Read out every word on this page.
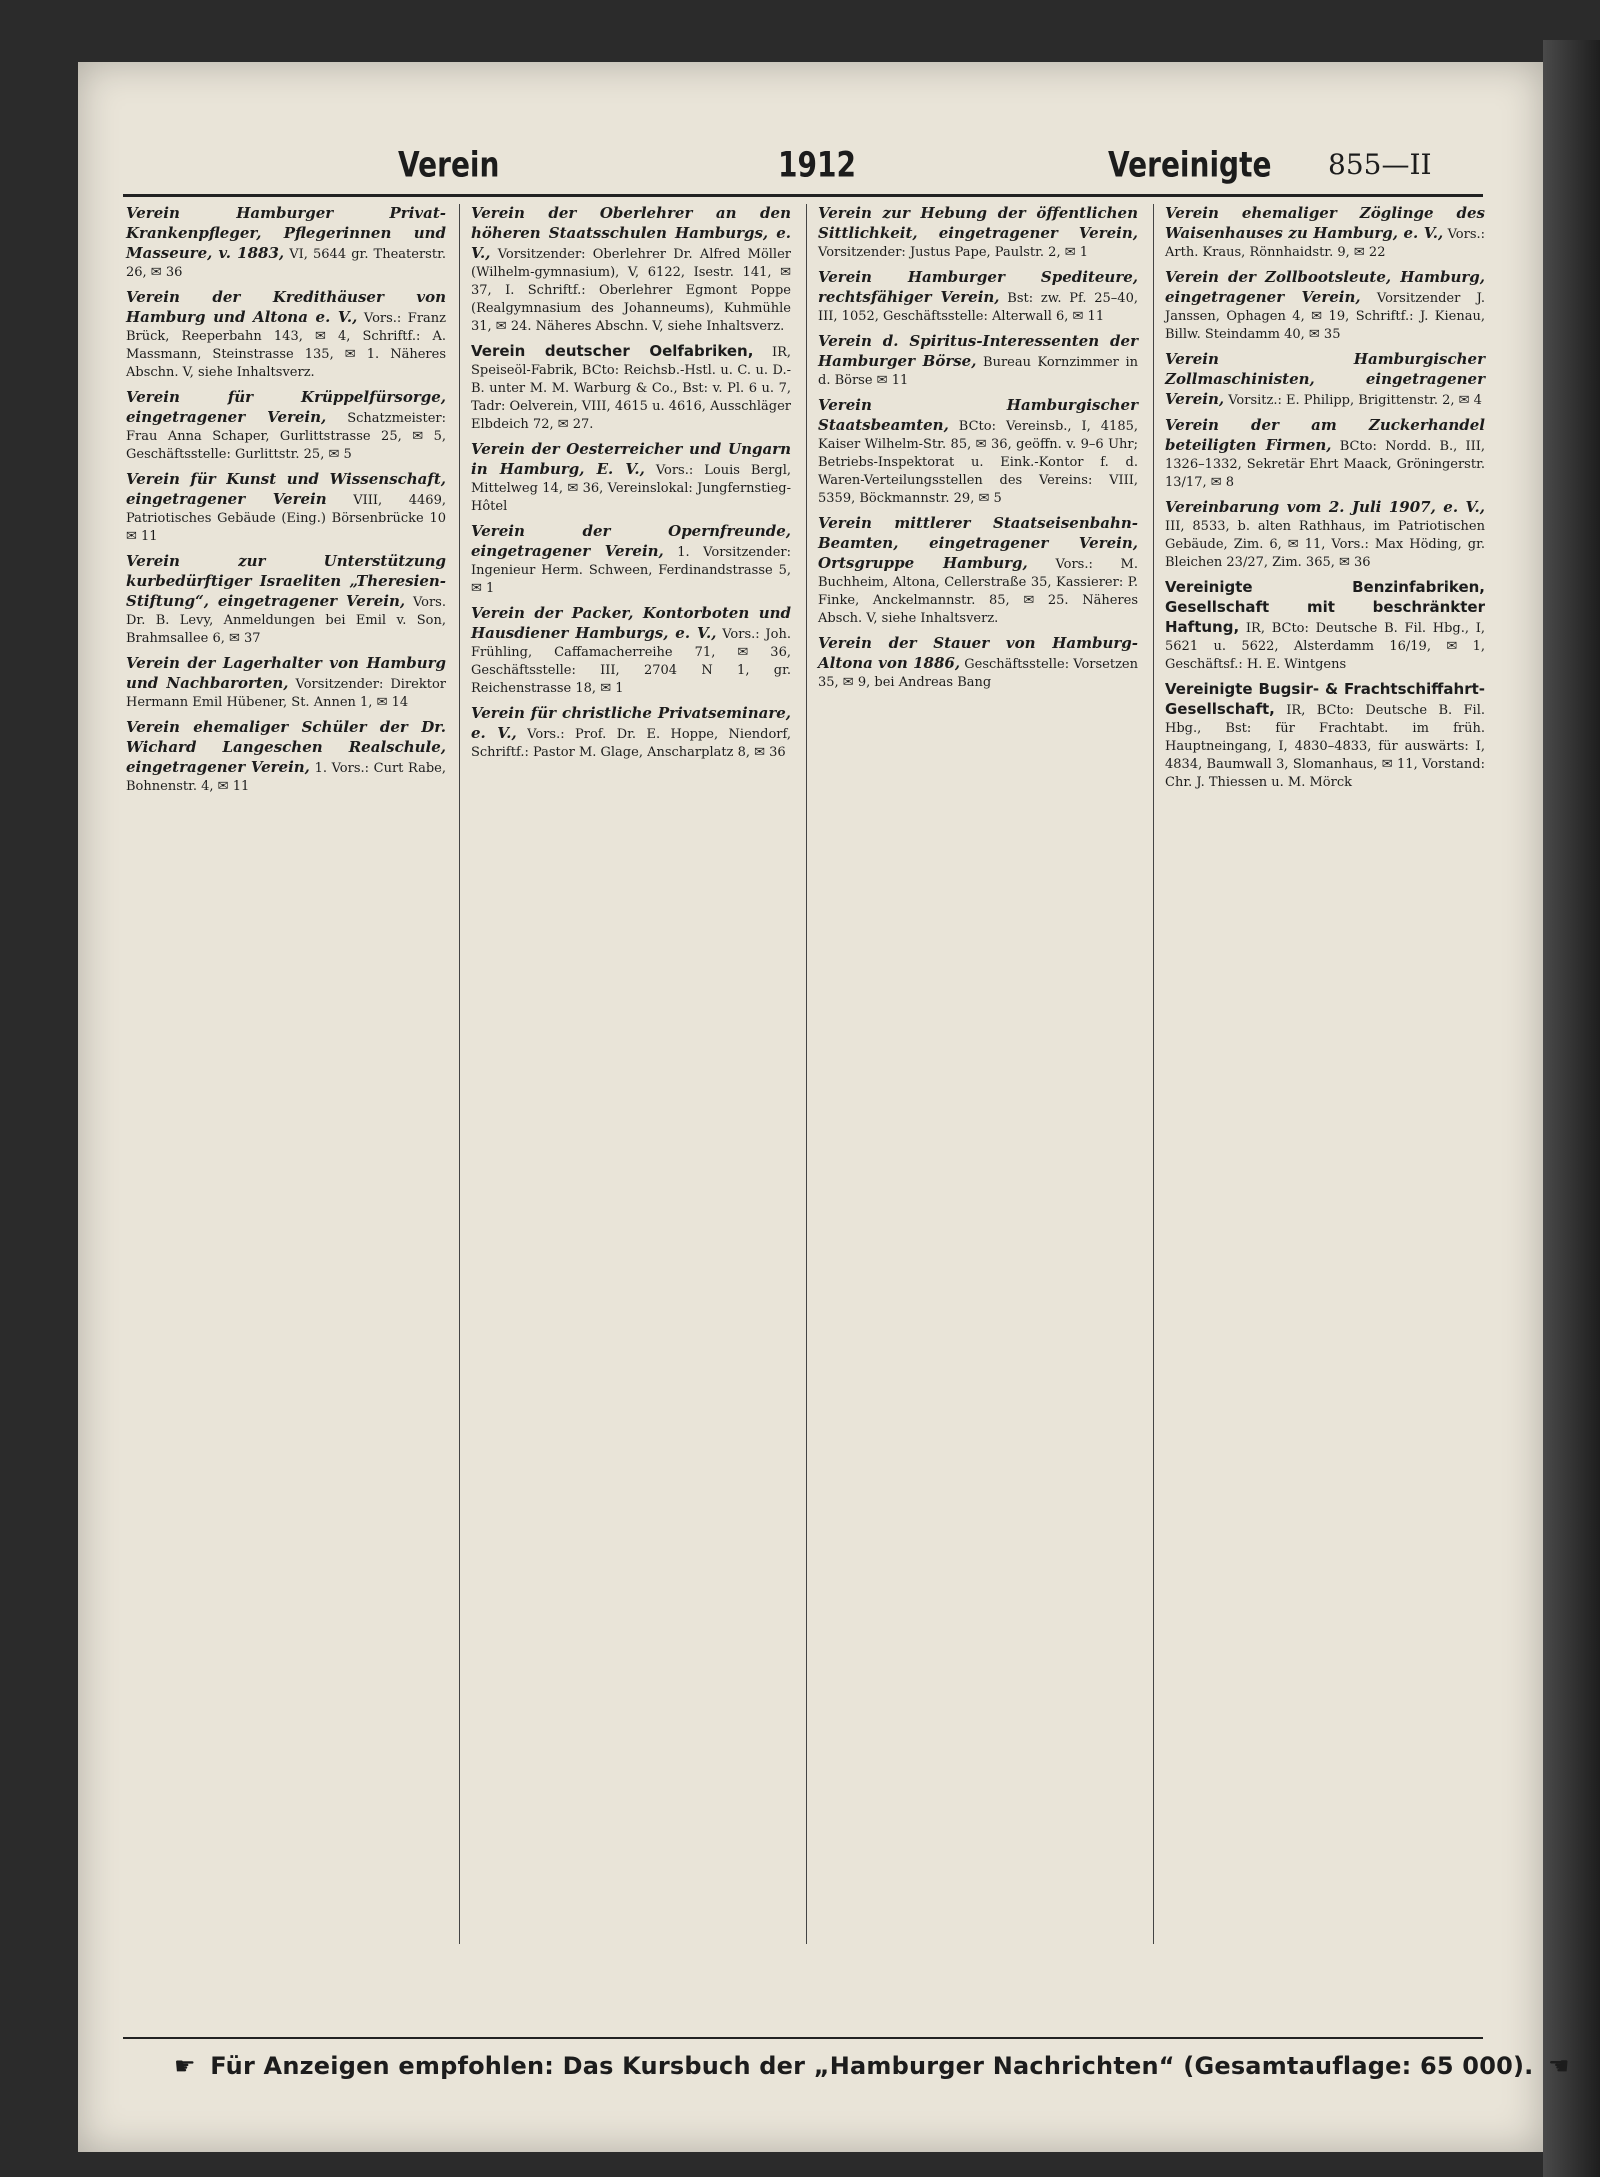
Verein	1912	Vereinigte 855—II
Verein Hamburger Privat-Krankenpfleger, Pflegerinnen und Masseure, v. 1883, VI, 5644 gr. Theaterstr. 26, ✉ 36
Verein der Kredithäuser von Hamburg und Altona e. V., Vors.: Franz Brück, Reeperbahn 143, ✉ 4, Schriftf.: A. Massmann, Steinstrasse 135, ✉ 1. Näheres Abschn. V, siehe Inhaltsverz.
Verein für Krüppelfürsorge, eingetragener Verein, Schatzmeister: Frau Anna Schaper, Gurlittstrasse 25, ✉ 5, Geschäftsstelle: Gurlittstr. 25, ✉ 5
Verein für Kunst und Wissenschaft, eingetragener Verein VIII, 4469, Patriotisches Gebäude (Eing.) Börsenbrücke 10 ✉ 11
Verein zur Unterstützung kurbedürftiger Israeliten „Theresien-Stiftung“, eingetragener Verein, Vors. Dr. B. Levy, Anmeldungen bei Emil v. Son, Brahmsallee 6, ✉ 37
Verein der Lagerhalter von Hamburg und Nachbarorten, Vorsitzender: Direktor Hermann Emil Hübener, St. Annen 1, ✉ 14
Verein ehemaliger Schüler der Dr. Wichard Langeschen Realschule, eingetragener Verein, 1. Vors.: Curt Rabe, Bohnenstr. 4, ✉ 11
Verein der Oberlehrer an den höheren Staatsschulen Hamburgs, e. V., Vorsitzender: Oberlehrer Dr. Alfred Möller (Wilhelm-gymnasium), V, 6122, Isestr. 141, ✉ 37, I. Schriftf.: Oberlehrer Egmont Poppe (Realgymnasium des Johanneums), Kuhmühle 31, ✉ 24. Näheres Abschn. V, siehe Inhaltsverz.
Verein deutscher Oelfabriken, IR, Speiseöl-Fabrik, BCto: Reichsb.-Hstl. u. C. u. D.-B. unter M. M. Warburg & Co., Bst: v. Pl. 6 u. 7, Tadr: Oelverein, VIII, 4615 u. 4616, Ausschläger Elbdeich 72, ✉ 27.
Verein der Oesterreicher und Ungarn in Hamburg, E. V., Vors.: Louis Bergl, Mittelweg 14, ✉ 36, Vereinslokal: Jungfernstieg-Hôtel
Verein der Opernfreunde, eingetragener Verein, 1. Vorsitzender: Ingenieur Herm. Schween, Ferdinandstrasse 5, ✉ 1
Verein der Packer, Kontorboten und Hausdiener Hamburgs, e. V., Vors.: Joh. Frühling, Caffamacherreihe 71, ✉ 36, Geschäftsstelle: III, 2704 N 1, gr. Reichenstrasse 18, ✉ 1
Verein für christliche Privatseminare, e. V., Vors.: Prof. Dr. E. Hoppe, Niendorf, Schriftf.: Pastor M. Glage, Anscharplatz 8, ✉ 36
Verein zur Hebung der öffentlichen Sittlichkeit, eingetragener Verein, Vorsitzender: Justus Pape, Paulstr. 2, ✉ 1
Verein Hamburger Spediteure, rechtsfähiger Verein, Bst: zw. Pf. 25–40, III, 1052, Geschäftsstelle: Alterwall 6, ✉ 11
Verein d. Spiritus-Interessenten der Hamburger Börse, Bureau Kornzimmer in d. Börse ✉ 11
Verein Hamburgischer Staatsbeamten, BCto: Vereinsb., I, 4185, Kaiser Wilhelm-Str. 85, ✉ 36, geöffn. v. 9–6 Uhr; Betriebs-Inspektorat u. Eink.-Kontor f. d. Waren-Verteilungsstellen des Vereins: VIII, 5359, Böckmannstr. 29, ✉ 5
Verein mittlerer Staatseisenbahn-Beamten, eingetragener Verein, Ortsgruppe Hamburg, Vors.: M. Buchheim, Altona, Cellerstraße 35, Kassierer: P. Finke, Anckelmannstr. 85, ✉ 25. Näheres Absch. V, siehe Inhaltsverz.
Verein der Stauer von Hamburg-Altona von 1886, Geschäftsstelle: Vorsetzen 35, ✉ 9, bei Andreas Bang
Verein ehemaliger Zöglinge des Waisenhauses zu Hamburg, e. V., Vors.: Arth. Kraus, Rönnhaidstr. 9, ✉ 22
Verein der Zollbootsleute, Hamburg, eingetragener Verein, Vorsitzender J. Janssen, Ophagen 4, ✉ 19, Schriftf.: J. Kienau, Billw. Steindamm 40, ✉ 35
Verein Hamburgischer Zollmaschinisten, eingetragener Verein, Vorsitz.: E. Philipp, Brigittenstr. 2, ✉ 4
Verein der am Zuckerhandel beteiligten Firmen, BCto: Nordd. B., III, 1326–1332, Sekretär Ehrt Maack, Gröningerstr. 13/17, ✉ 8
Vereinbarung vom 2. Juli 1907, e. V., III, 8533, b. alten Rathhaus, im Patriotischen Gebäude, Zim. 6, ✉ 11, Vors.: Max Höding, gr. Bleichen 23/27, Zim. 365, ✉ 36
Vereinigte Benzinfabriken, Gesellschaft mit beschränkter Haftung, IR, BCto: Deutsche B. Fil. Hbg., I, 5621 u. 5622, Alsterdamm 16/19, ✉ 1, Geschäftsf.: H. E. Wintgens
Vereinigte Bugsir- & Frachtschiffahrt-Gesellschaft, IR, BCto: Deutsche B. Fil. Hbg., Bst: für Frachtabt. im früh. Hauptneingang, I, 4830–4833, für auswärts: I, 4834, Baumwall 3, Slomanhaus, ✉ 11, Vorstand: Chr. J. Thiessen u. M. Mörck
☛ Für Anzeigen empfohlen: Das Kursbuch der „Hamburger Nachrichten“ (Gesamtauflage: 65 000). ☚
